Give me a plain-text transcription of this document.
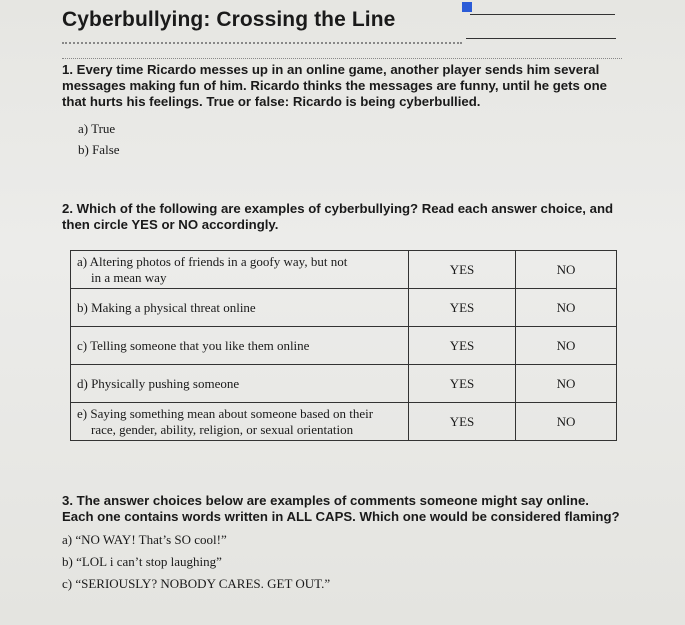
Cyberbullying: Crossing the Line
1. Every time Ricardo messes up in an online game, another player sends him several messages making fun of him. Ricardo thinks the messages are funny, until he gets one that hurts his feelings. True or false: Ricardo is being cyberbullied.
a) True
b) False
2. Which of the following are examples of cyberbullying? Read each answer choice, and then circle YES or NO accordingly.
a) Altering photos of friends in a goofy way, but not
in a mean way	YES	NO
b) Making a physical threat online	YES	NO
c) Telling someone that you like them online	YES	NO
d) Physically pushing someone	YES	NO
e) Saying something mean about someone based on their
race, gender, ability, religion, or sexual orientation	YES	NO
3. The answer choices below are examples of comments someone might say online. Each one contains words written in ALL CAPS. Which one would be considered flaming?
a) “NO WAY! That’s SO cool!”
b) “LOL i can’t stop laughing”
c) “SERIOUSLY? NOBODY CARES. GET OUT.”
